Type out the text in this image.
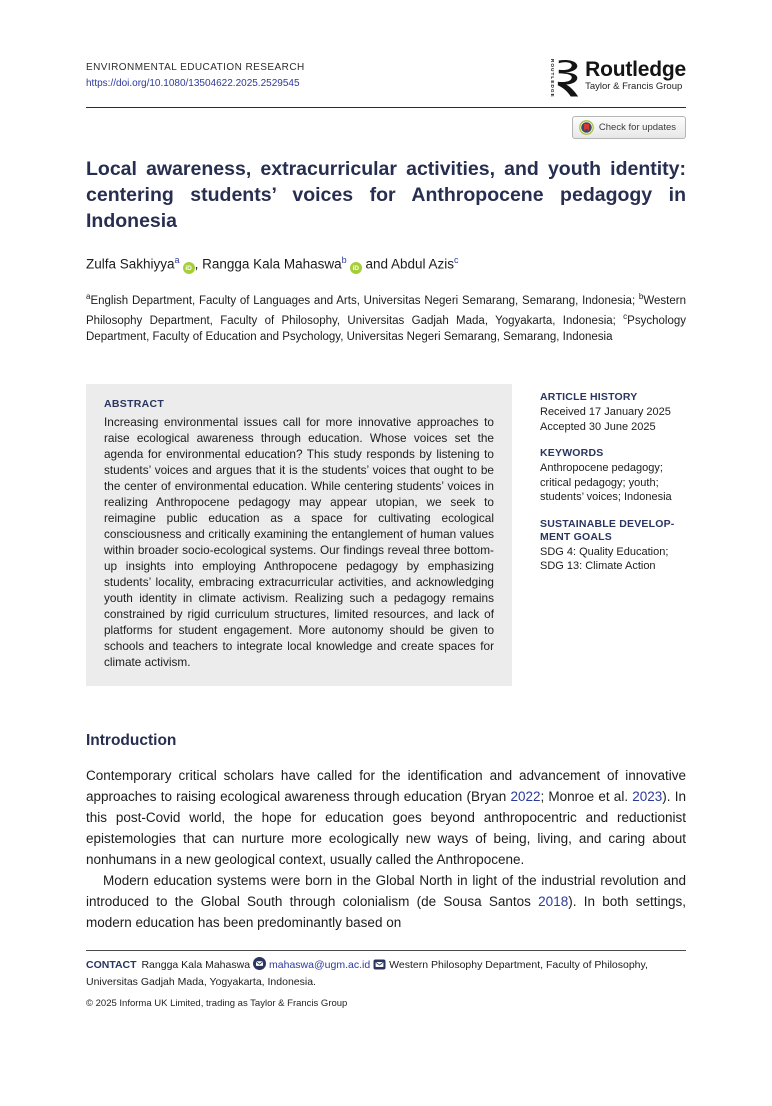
ENVIRONMENTAL EDUCATION RESEARCH
https://doi.org/10.1080/13504622.2025.2529545	ROUTLEDGE Routledge
Taylor & Francis Group
Check for updates
Local awareness, extracurricular activities, and youth identity: centering students’ voices for Anthropocene pedagogy in Indonesia
Zulfa Sakhiyya$^a$
iD , Rangga Kala Mahaswa$^b$
iD and Abdul Azis$^c$

$^a$English Department, Faculty of Languages and Arts, Universitas Negeri Semarang, Semarang, Indonesia; $^b$Western Philosophy Department, Faculty of Philosophy, Universitas Gadjah Mada, Yogyakarta, Indonesia; $^c$Psychology Department, Faculty of Education and Psychology, Universitas Negeri Semarang, Semarang, Indonesia

ABSTRACT

Increasing environmental issues call for more innovative approaches to raise ecological awareness through education. Whose voices set the agenda for environmental education? This study responds by listening to students’ voices and argues that it is the students’ voices that ought to be the center of environmental education. While centering students’ voices in realizing Anthropocene pedagogy may appear utopian, we seek to reimagine public education as a space for cultivating ecological consciousness and critically examining the entanglement of human values within broader socio-ecological systems. Our findings reveal three bottom-up insights into employing Anthropocene pedagogy by emphasizing students’ locality, embracing extracurricular activities, and acknowledging youth identity in climate activism. Realizing such a pedagogy remains constrained by rigid curriculum structures, limited resources, and lack of platforms for student engagement. More autonomy should be given to schools and teachers to integrate local knowledge and create spaces for climate activism.

ARTICLE HISTORY
Received 17 January 2025
Accepted 30 June 2025
KEYWORDS
Anthropocene pedagogy; critical pedagogy; youth; students’ voices; Indonesia
SUSTAINABLE DEVELOPMENT GOALS
SDG 4: Quality Education; SDG 13: Climate Action
Introduction

Contemporary critical scholars have called for the identification and advancement of innovative approaches to raising ecological awareness through education (Bryan 2022; Monroe et al. 2023). In this post-Covid world, the hope for education goes beyond anthropocentric and reductionist epistemologies that can nurture more ecologically new ways of being, living, and caring about nonhumans in a new geological context, usually called the Anthropocene.

Modern education systems were born in the Global North in light of the industrial revolution and introduced to the Global South through colonialism (de Sousa Santos 2018). In both settings, modern education has been predominantly based on

CONTACT Rangga Kala Mahaswa mahaswa@ugm.ac.id Western Philosophy Department, Faculty of Philosophy, Universitas Gadjah Mada, Yogyakarta, Indonesia.

© 2025 Informa UK Limited, trading as Taylor & Francis Group
